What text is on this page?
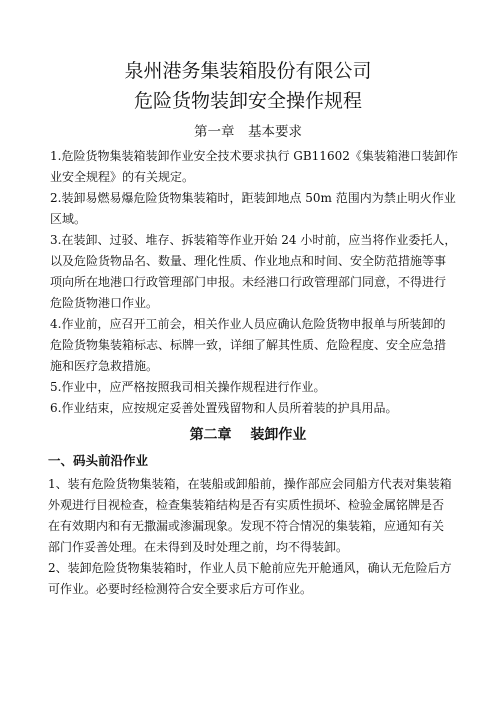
泉州港务集装箱股份有限公司
危险货物装卸安全操作规程
第一章　基本要求
1.危险货物集装箱装卸作业安全技术要求执行 GB11602《集装箱港口装卸作
业安全规程》的有关规定。
2.装卸易燃易爆危险货物集装箱时，距装卸地点 50m 范围内为禁止明火作业
区域。
3.在装卸、过驳、堆存、拆装箱等作业开始 24 小时前，应当将作业委托人，
以及危险货物品名、数量、理化性质、作业地点和时间、安全防范措施等事
项向所在地港口行政管理部门申报。未经港口行政管理部门同意，不得进行
危险货物港口作业。
4.作业前，应召开工前会，相关作业人员应确认危险货物申报单与所装卸的
危险货物集装箱标志、标牌一致，详细了解其性质、危险程度、安全应急措
施和医疗急救措施。
5.作业中，应严格按照我司相关操作规程进行作业。
6.作业结束，应按规定妥善处置残留物和人员所着装的护具用品。
第二章　 装卸作业
一、码头前沿作业
1、装有危险货物集装箱，在装船或卸船前，操作部应会同船方代表对集装箱
外观进行目视检查，检查集装箱结构是否有实质性损坏、检验金属铭牌是否
在有效期内和有无撒漏或渗漏现象。发现不符合情况的集装箱，应通知有关
部门作妥善处理。在未得到及时处理之前，均不得装卸。
2、装卸危险货物集装箱时，作业人员下舱前应先开舱通风，确认无危险后方
可作业。必要时经检测符合安全要求后方可作业。
